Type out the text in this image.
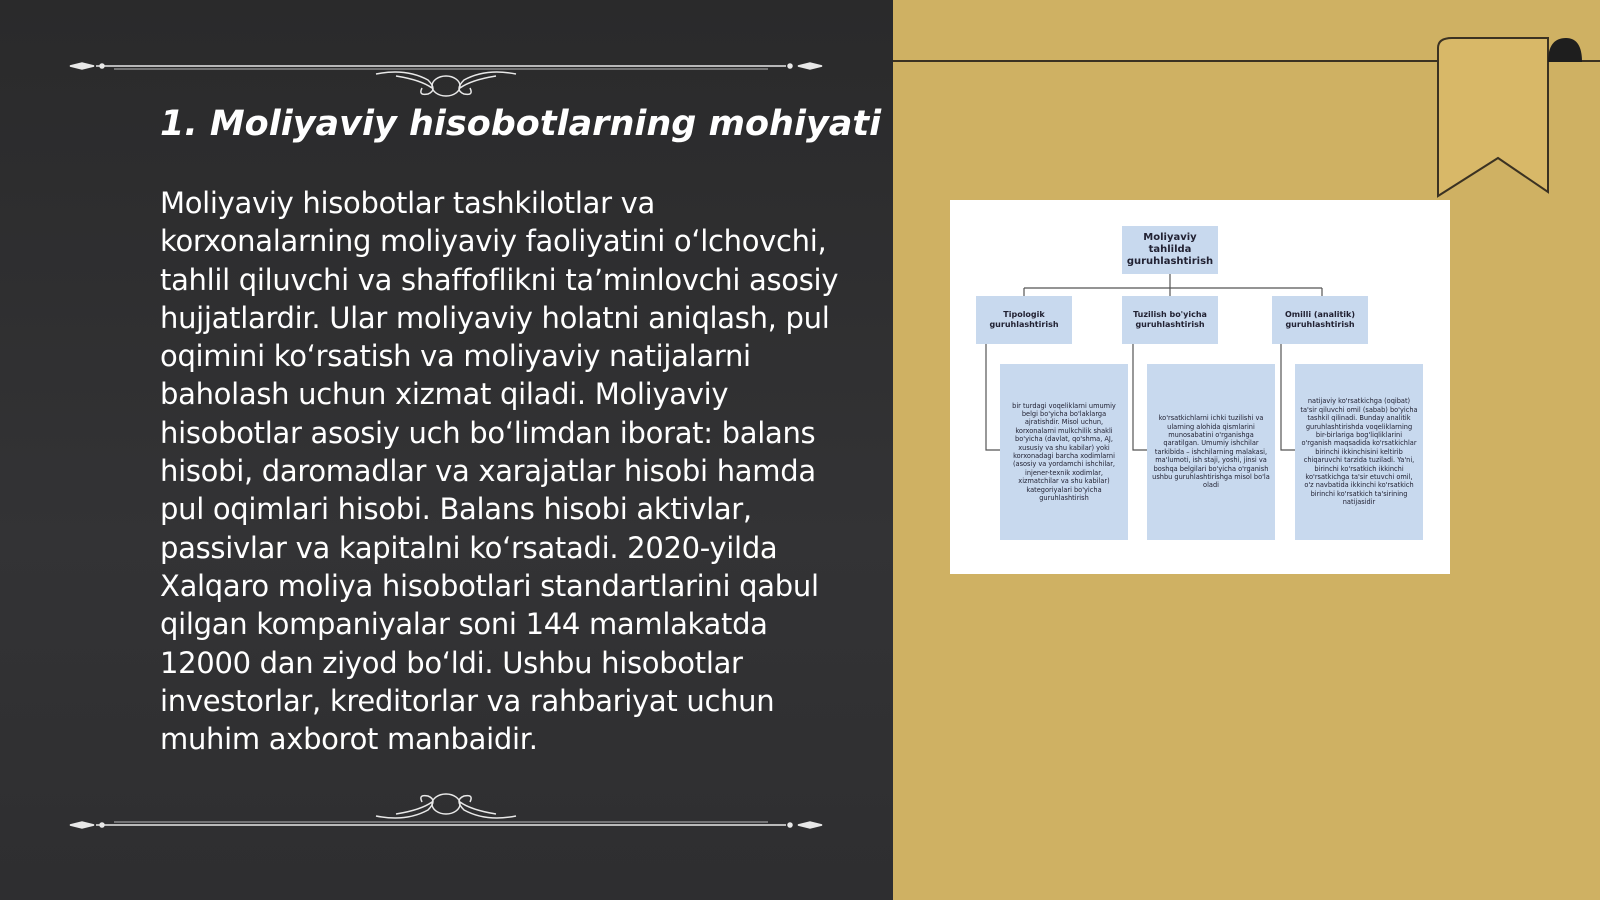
1. Moliyaviy hisobotlarning mohiyati
Moliyaviy hisobotlar tashkilotlar va korxonalarning moliyaviy faoliyatini o‘lchovchi, tahlil qiluvchi va shaffoflikni ta’minlovchi asosiy hujjatlardir. Ular moliyaviy holatni aniqlash, pul oqimini ko‘rsatish va moliyaviy natijalarni baholash uchun xizmat qiladi. Moliyaviy hisobotlar asosiy uch bo‘limdan iborat: balans hisobi, daromadlar va xarajatlar hisobi hamda pul oqimlari hisobi. Balans hisobi aktivlar, passivlar va kapitalni ko‘rsatadi. 2020-yilda Xalqaro moliya hisobotlari standartlarini qabul qilgan kompaniyalar soni 144 mamlakatda 12000 dan ziyod bo‘ldi. Ushbu hisobotlar investorlar, kreditorlar va rahbariyat uchun muhim axborot manbaidir.
Moliyaviy tahlilda guruhlashtirish
Tipologik guruhlashtirish
Tuzilish bo'yicha guruhlashtirish
Omilli (analitik) guruhlashtirish
bir turdagi voqeliklarni umumiy belgi bo'yicha bo'laklarga ajratishdir. Misol uchun, korxonalarni mulkchilik shakli bo'yicha (davlat, qo'shma, AJ, xususiy va shu kabilar) yoki korxonadagi barcha xodimlarni (asosiy va yordamchi ishchilar, injener-texnik xodimlar, xizmatchilar va shu kabilar) kategoriyalari bo'yicha guruhlashtirish
ko'rsatkichlarni ichki tuzilishi va ularning alohida qismlarini munosabatini o'rganishga qaratilgan. Umumiy ishchilar tarkibida – ishchilarning malakasi, ma'lumoti, ish staji, yoshi, jinsi va boshqa belgilari bo'yicha o'rganish ushbu guruhlashtirishga misol bo'la oladi
natijaviy ko'rsatkichga (oqibat) ta'sir qiluvchi omil (sabab) bo'yicha tashkil qilinadi. Bunday analitik guruhlashtirishda voqeliklarning bir-birlariga bog'liqliklarini o'rganish maqsadida ko'rsatkichlar birinchi ikkinchisini keltirib chiqaruvchi tarzida tuziladi. Ya'ni, birinchi ko'rsatkich ikkinchi ko'rsatkichga ta'sir etuvchi omil, o'z navbatida ikkinchi ko'rsatkich birinchi ko'rsatkich ta'sirining natijasidir
